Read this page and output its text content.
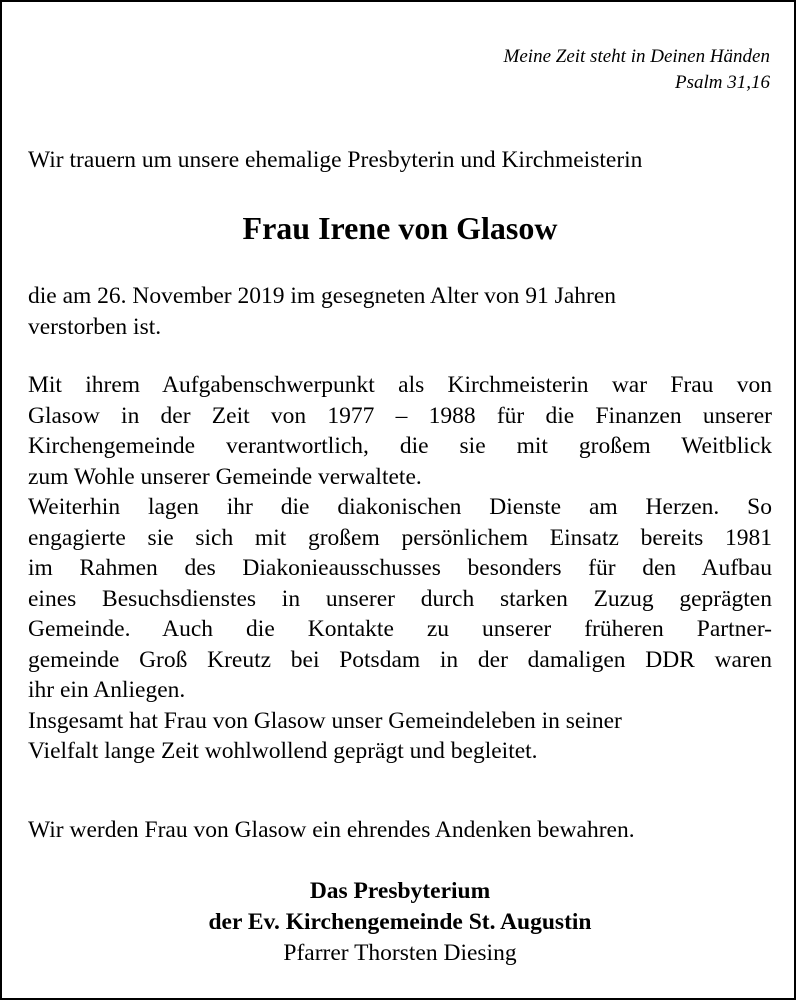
Meine Zeit steht in Deinen Händen
Psalm 31,16
Wir trauern um unsere ehemalige Presbyterin und Kirchmeisterin
Frau Irene von Glasow
die am 26. November 2019 im gesegneten Alter von 91 Jahren
verstorben ist.
Mit ihrem Aufgabenschwerpunkt als Kirchmeisterin war Frau von
Glasow in der Zeit von 1977 – 1988 für die Finanzen unserer
Kirchengemeinde verantwortlich, die sie mit großem Weitblick
zum Wohle unserer Gemeinde verwaltete.
Weiterhin lagen ihr die diakonischen Dienste am Herzen. So
engagierte sie sich mit großem persönlichem Einsatz bereits 1981
im Rahmen des Diakonieausschusses besonders für den Aufbau
eines Besuchsdienstes in unserer durch starken Zuzug geprägten
Gemeinde. Auch die Kontakte zu unserer früheren Partner-
gemeinde Groß Kreutz bei Potsdam in der damaligen DDR waren
ihr ein Anliegen.
Insgesamt hat Frau von Glasow unser Gemeindeleben in seiner
Vielfalt lange Zeit wohlwollend geprägt und begleitet.
Wir werden Frau von Glasow ein ehrendes Andenken bewahren.
Das Presbyterium
der Ev. Kirchengemeinde St. Augustin
Pfarrer Thorsten Diesing
